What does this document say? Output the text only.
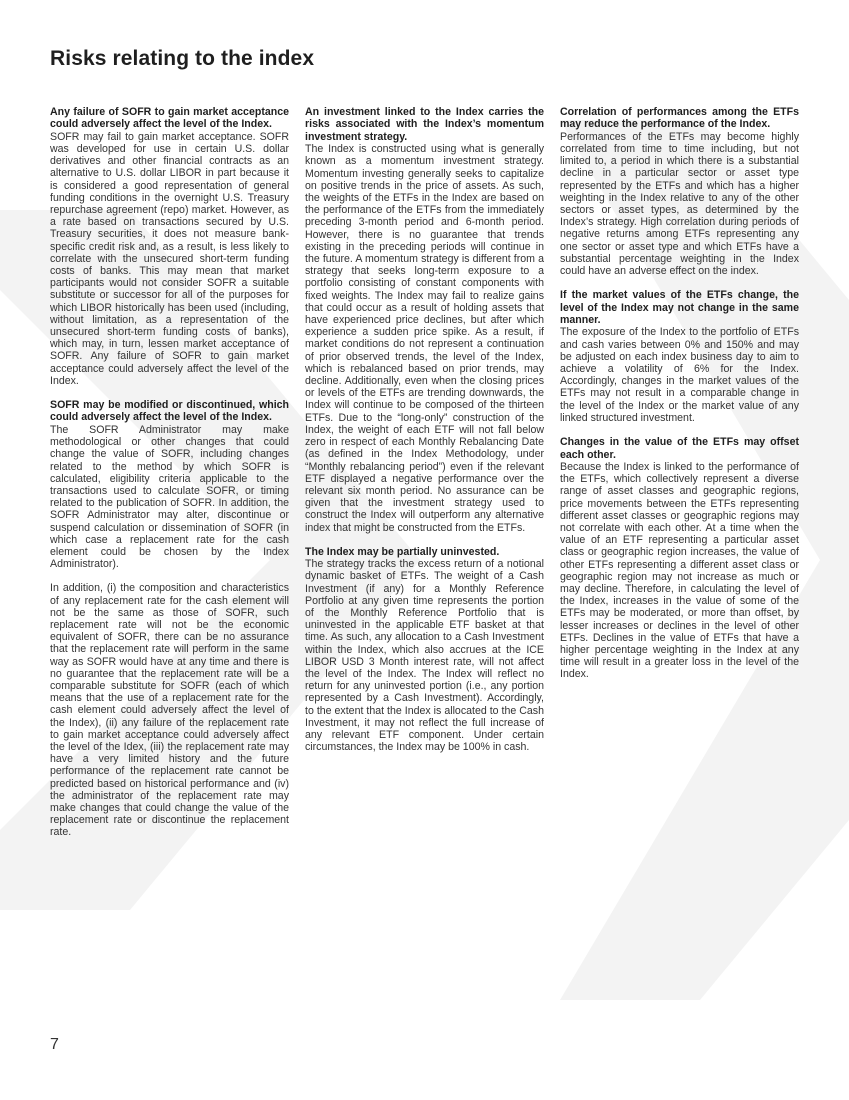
Risks relating to the index
Any failure of SOFR to gain market acceptance could adversely affect the level of the Index.

SOFR may fail to gain market acceptance. SOFR was developed for use in certain U.S. dollar derivatives and other financial contracts as an alternative to U.S. dollar LIBOR in part because it is considered a good representation of general funding conditions in the overnight U.S. Treasury repurchase agreement (repo) market. However, as a rate based on transactions secured by U.S. Treasury securities, it does not measure bank-specific credit risk and, as a result, is less likely to correlate with the unsecured short-term funding costs of banks. This may mean that market participants would not consider SOFR a suitable substitute or successor for all of the purposes for which LIBOR historically has been used (including, without limitation, as a representation of the unsecured short-term funding costs of banks), which may, in turn, lessen market acceptance of SOFR. Any failure of SOFR to gain market acceptance could adversely affect the level of the Index.

SOFR may be modified or discontinued, which could adversely affect the level of the Index.

The SOFR Administrator may make methodological or other changes that could change the value of SOFR, including changes related to the method by which SOFR is calculated, eligibility criteria applicable to the transactions used to calculate SOFR, or timing related to the publication of SOFR. In addition, the SOFR Administrator may alter, discontinue or suspend calculation or dissemination of SOFR (in which case a replacement rate for the cash element could be chosen by the Index Administrator).

In addition, (i) the composition and characteristics of any replacement rate for the cash element will not be the same as those of SOFR, such replacement rate will not be the economic equivalent of SOFR, there can be no assurance that the replacement rate will perform in the same way as SOFR would have at any time and there is no guarantee that the replacement rate will be a comparable substitute for SOFR (each of which means that the use of a replacement rate for the cash element could adversely affect the level of the Index), (ii) any failure of the replacement rate to gain market acceptance could adversely affect the level of the Idex, (iii) the replacement rate may have a very limited history and the future performance of the replacement rate cannot be predicted based on historical performance and (iv) the administrator of the replacement rate may make changes that could change the value of the replacement rate or discontinue the replacement rate.

An investment linked to the Index carries the risks associated with the Index’s momentum investment strategy.

The Index is constructed using what is generally known as a momentum investment strategy. Momentum investing generally seeks to capitalize on positive trends in the price of assets. As such, the weights of the ETFs in the Index are based on the performance of the ETFs from the immediately preceding 3-month period and 6-month period. However, there is no guarantee that trends existing in the preceding periods will continue in the future. A momentum strategy is different from a strategy that seeks long-term exposure to a portfolio consisting of constant components with fixed weights. The Index may fail to realize gains that could occur as a result of holding assets that have experienced price declines, but after which experience a sudden price spike. As a result, if market conditions do not represent a continuation of prior observed trends, the level of the Index, which is rebalanced based on prior trends, may decline. Additionally, even when the closing prices or levels of the ETFs are trending downwards, the Index will continue to be composed of the thirteen ETFs. Due to the “long-only” construction of the Index, the weight of each ETF will not fall below zero in respect of each Monthly Rebalancing Date (as defined in the Index Methodology, under “Monthly rebalancing period”) even if the relevant ETF displayed a negative performance over the relevant six month period. No assurance can be given that the investment strategy used to construct the Index will outperform any alternative index that might be constructed from the ETFs.

The Index may be partially uninvested.

The strategy tracks the excess return of a notional dynamic basket of ETFs. The weight of a Cash Investment (if any) for a Monthly Reference Portfolio at any given time represents the portion of the Monthly Reference Portfolio that is uninvested in the applicable ETF basket at that time. As such, any allocation to a Cash Investment within the Index, which also accrues at the ICE LIBOR USD 3 Month interest rate, will not affect the level of the Index. The Index will reflect no return for any uninvested portion (i.e., any portion represented by a Cash Investment). Accordingly, to the extent that the Index is allocated to the Cash Investment, it may not reflect the full increase of any relevant ETF component. Under certain circumstances, the Index may be 100% in cash.

Correlation of performances among the ETFs may reduce the performance of the Index.

Performances of the ETFs may become highly correlated from time to time including, but not limited to, a period in which there is a substantial decline in a particular sector or asset type represented by the ETFs and which has a higher weighting in the Index relative to any of the other sectors or asset types, as determined by the Index’s strategy. High correlation during periods of negative returns among ETFs representing any one sector or asset type and which ETFs have a substantial percentage weighting in the Index could have an adverse effect on the index.

If the market values of the ETFs change, the level of the Index may not change in the same manner.

The exposure of the Index to the portfolio of ETFs and cash varies between 0% and 150% and may be adjusted on each index business day to aim to achieve a volatility of 6% for the Index. Accordingly, changes in the market values of the ETFs may not result in a comparable change in the level of the Index or the market value of any linked structured investment.

Changes in the value of the ETFs may offset each other.

Because the Index is linked to the performance of the ETFs, which collectively represent a diverse range of asset classes and geographic regions, price movements between the ETFs representing different asset classes or geographic regions may not correlate with each other. At a time when the value of an ETF representing a particular asset class or geographic region increases, the value of other ETFs representing a different asset class or geographic region may not increase as much or may decline. Therefore, in calculating the level of the Index, increases in the value of some of the ETFs may be moderated, or more than offset, by lesser increases or declines in the level of other ETFs. Declines in the value of ETFs that have a higher percentage weighting in the Index at any time will result in a greater loss in the level of the Index.

7
